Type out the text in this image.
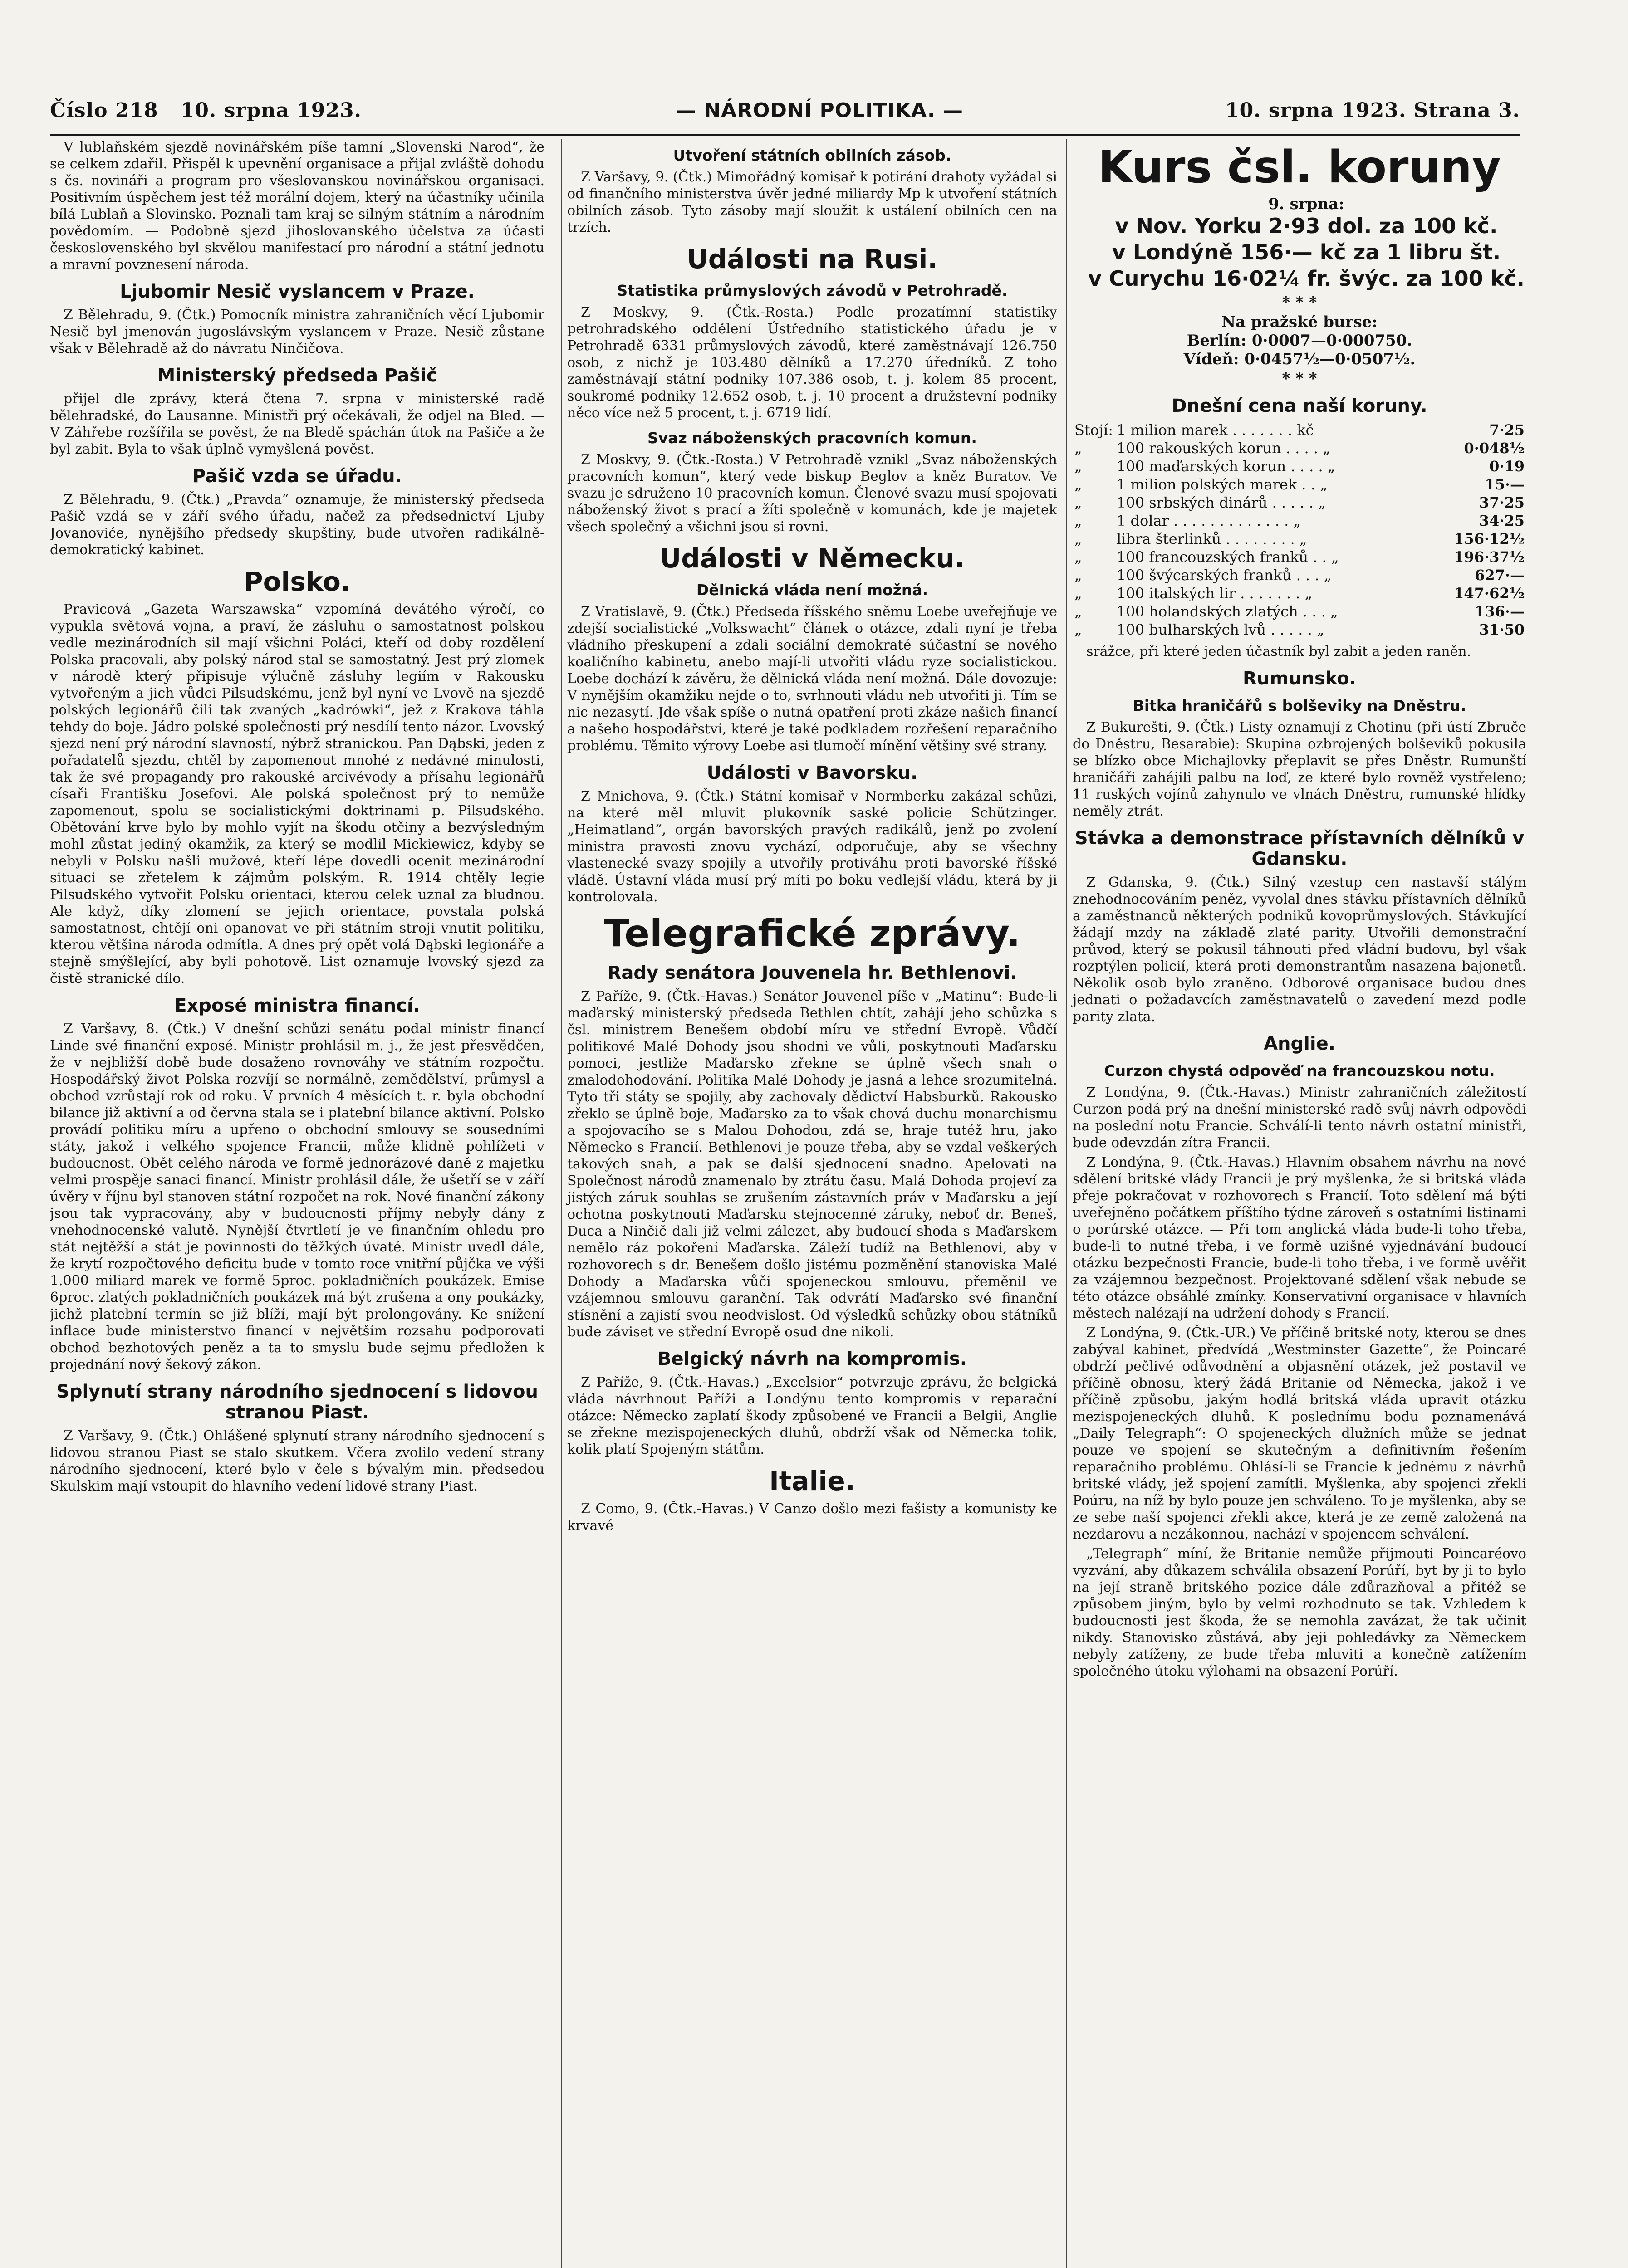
Číslo 218 10. srpna 1923.	— NÁRODNÍ POLITIKA. —	10. srpna 1923. Strana 3.

V lublaňském sjezdě novinářském píše tamní „Slovenski Narod“, že se celkem zdařil. Přispěl k upevnění organisace a přijal zvláště dohodu s čs. novináři a program pro všeslovanskou novinářskou organisaci. Positivním úspěchem jest též morální dojem, který na účastníky učinila bílá Lublaň a Slovinsko. Poznali tam kraj se silným státním a národním povědomím. — Podobně sjezd jihoslovanského účelstva za účasti československého byl skvělou manifestací pro národní a státní jednotu a mravní povznesení národa.

Ljubomir Nesič vyslancem v Praze.

Z Bělehradu, 9. (Čtk.) Pomocník ministra zahraničních věcí Ljubomir Nesič byl jmenován jugoslávským vyslancem v Praze. Nesič zůstane však v Bělehradě až do návratu Ninčičova.

Ministerský předseda Pašič

přijel dle zprávy, která čtena 7. srpna v ministerské radě bělehradské, do Lausanne. Ministři prý očekávali, že odjel na Bled. — V Záhřebe rozšířila se pověst, že na Bledě spáchán útok na Pašiče a že byl zabit. Byla to však úplně vymyšlená pověst.

Pašič vzda se úřadu.

Z Bělehradu, 9. (Čtk.) „Pravda“ oznamuje, že ministerský předseda Pašič vzdá se v září svého úřadu, načež za předsednictví Ljuby Jovanoviće, nynějšího předsedy skupštiny, bude utvořen radikálně-demokratický kabinet.

Polsko.

Pravicová „Gazeta Warszawska“ vzpomíná devátého výročí, co vypukla světová vojna, a praví, že zásluhu o samostatnost polskou vedle mezinárodních sil mají všichni Poláci, kteří od doby rozdělení Polska pracovali, aby polský národ stal se samostatný. Jest prý zlomek v národě který připisuje výlučně zásluhy legiím v Rakousku vytvořeným a jich vůdci Pilsudskému, jenž byl nyní ve Lvově na sjezdě polských legionářů čili tak zvaných „kadrówki“, jež z Krakova táhla tehdy do boje. Jádro polské společnosti prý nesdílí tento názor. Lvovský sjezd není prý národní slavností, nýbrž stranickou. Pan Dąbski, jeden z pořadatelů sjezdu, chtěl by zapomenout mnohé z nedávné minulosti, tak že své propagandy pro rakouské arcivévody a přísahu legionářů císaři Františku Josefovi. Ale polská společnost prý to nemůže zapomenout, spolu se socialistickými doktrinami p. Pilsudského. Obětování krve bylo by mohlo vyjít na škodu otčiny a bezvýsledným mohl zůstat jediný okamžik, za který se modlil Mickiewicz, kdyby se nebyli v Polsku našli mužové, kteří lépe dovedli ocenit mezinárodní situaci se zřetelem k zájmům polským. R. 1914 chtěly legie Pilsudského vytvořit Polsku orientaci, kterou celek uznal za bludnou. Ale když, díky zlomení se jejich orientace, povstala polská samostatnost, chtějí oni opanovat ve při státním stroji vnutit politiku, kterou většina národa odmítla. A dnes prý opět volá Dąbski legionáře a stejně smýšlející, aby byli pohotově. List oznamuje lvovský sjezd za čistě stranické dílo.

Exposé ministra financí.

Z Varšavy, 8. (Čtk.) V dnešní schůzi senátu podal ministr financí Linde své finanční exposé. Ministr prohlásil m. j., že jest přesvědčen, že v nejbližší době bude dosaženo rovnováhy ve státním rozpočtu. Hospodářský život Polska rozvíjí se normálně, zemědělství, průmysl a obchod vzrůstají rok od roku. V prvních 4 měsících t. r. byla obchodní bilance již aktivní a od června stala se i platební bilance aktivní. Polsko provádí politiku míru a upřeno o obchodní smlouvy se sousedními státy, jakož i velkého spojence Francii, může klidně pohlížeti v budoucnost. Obět celého národa ve formě jednorázové daně z majetku velmi prospěje sanaci financí. Ministr prohlásil dále, že ušetří se v září úvěry v říjnu byl stanoven státní rozpočet na rok. Nové finanční zákony jsou tak vypracovány, aby v budoucnosti příjmy nebyly dány z vnehodnocenské valutě. Nynější čtvrtletí je ve finančním ohledu pro stát nejtěžší a stát je povinnosti do těžkých úvaté. Ministr uvedl dále, že krytí rozpočtového deficitu bude v tomto roce vnitřní půjčka ve výši 1.000 miliard marek ve formě 5proc. pokladničních poukázek. Emise 6proc. zlatých pokladničních poukázek má být zrušena a ony poukázky, jichž platební termín se již blíží, mají být prolongovány. Ke snížení inflace bude ministerstvo financí v největším rozsahu podporovati obchod bezhotových peněz a ta to smyslu bude sejmu předložen k projednání nový šekový zákon.

Splynutí strany národního sjednocení s lidovou stranou Piast.

Z Varšavy, 9. (Čtk.) Ohlášené splynutí strany národního sjednocení s lidovou stranou Piast se stalo skutkem. Včera zvolilo vedení strany národního sjednocení, které bylo v čele s bývalým min. předsedou Skulskim mají vstoupit do hlavního vedení lidové strany Piast.

Utvoření státních obilních zásob.

Z Varšavy, 9. (Čtk.) Mimořádný komisař k potírání drahoty vyžádal si od finančního ministerstva úvěr jedné miliardy Mp k utvoření státních obilních zásob. Tyto zásoby mají sloužit k ustálení obilních cen na trzích.

Události na Rusi.
Statistika průmyslových závodů v Petrohradě.

Z Moskvy, 9. (Čtk.-Rosta.) Podle prozatímní statistiky petrohradského oddělení Ústředního statistického úřadu je v Petrohradě 6331 průmyslových závodů, které zaměstnávají 126.750 osob, z nichž je 103.480 dělníků a 17.270 úředníků. Z toho zaměstnávají státní podniky 107.386 osob, t. j. kolem 85 procent, soukromé podniky 12.652 osob, t. j. 10 procent a družstevní podniky něco více než 5 procent, t. j. 6719 lidí.

Svaz náboženských pracovních komun.

Z Moskvy, 9. (Čtk.-Rosta.) V Petrohradě vznikl „Svaz náboženských pracovních komun“, který vede biskup Beglov a kněz Buratov. Ve svazu je sdruženo 10 pracovních komun. Členové svazu musí spojovati náboženský život s prací a žíti společně v komunách, kde je majetek všech společný a všichni jsou si rovni.

Události v Německu.
Dělnická vláda není možná.

Z Vratislavě, 9. (Čtk.) Předseda říšského sněmu Loebe uveřejňuje ve zdejší socialistické „Volkswacht“ článek o otázce, zdali nyní je třeba vládního přeskupení a zdali sociální demokraté súčastní se nového koaličního kabinetu, anebo mají-li utvořiti vládu ryze socialistickou. Loebe dochází k závěru, že dělnická vláda není možná. Dále dovozuje: V nynějším okamžiku nejde o to, svrhnouti vládu neb utvořiti ji. Tím se nic nezasytí. Jde však spíše o nutná opatření proti zkáze našich financí a našeho hospodářství, které je také podkladem rozřešení reparačního problému. Těmito výrovy Loebe asi tlumočí mínění většiny své strany.

Události v Bavorsku.

Z Mnichova, 9. (Čtk.) Státní komisař v Normberku zakázal schůzi, na které měl mluvit plukovník saské policie Schützinger. „Heimatland“, orgán bavorských pravých radikálů, jenž po zvolení ministra pravosti znovu vychází, odporučuje, aby se všechny vlastenecké svazy spojily a utvořily protiváhu proti bavorské říšské vládě. Ústavní vláda musí prý míti po boku vedlejší vládu, která by ji kontrolovala.

Telegrafické zprávy.
Rady senátora Jouvenela hr. Bethlenovi.

Z Paříže, 9. (Čtk.-Havas.) Senátor Jouvenel píše v „Matinu“: Bude-li maďarský ministerský předseda Bethlen chtít, zahájí jeho schůzka s čsl. ministrem Benešem období míru ve střední Evropě. Vůdčí politikové Malé Dohody jsou shodni ve vůli, poskytnouti Maďarsku pomoci, jestliže Maďarsko zřekne se úplně všech snah o zmalodohodování. Politika Malé Dohody je jasná a lehce srozumitelná. Tyto tři státy se spojily, aby zachovaly dědictví Habsburků. Rakousko zřeklo se úplně boje, Maďarsko za to však chová duchu monarchismu a spojovacího se s Malou Dohodou, zdá se, hraje tutéž hru, jako Německo s Francií. Bethlenovi je pouze třeba, aby se vzdal veškerých takových snah, a pak se další sjednocení snadno. Apelovati na Společnost národů znamenalo by ztrátu času. Malá Dohoda projeví za jistých záruk souhlas se zrušením zástavních práv v Maďarsku a její ochotna poskytnouti Maďarsku stejnocenné záruky, neboť dr. Beneš, Duca a Ninčič dali již velmi zálezet, aby budoucí shoda s Maďarskem nemělo ráz pokoření Maďarska. Záleží tudíž na Bethlenovi, aby v rozhovorech s dr. Benešem došlo jistému pozměnění stanoviska Malé Dohody a Maďarska vůči spojeneckou smlouvu, přeměnil ve vzájemnou smlouvu garanční. Tak odvrátí Maďarsko své finanční stísnění a zajistí svou neodvislost. Od výsledků schůzky obou státníků bude záviset ve střední Evropě osud dne nikoli.

Belgický návrh na kompromis.

Z Paříže, 9. (Čtk.-Havas.) „Excelsior“ potvrzuje zprávu, že belgická vláda návrhnout Paříži a Londýnu tento kompromis v reparační otázce: Německo zaplatí škody způsobené ve Francii a Belgii, Anglie se zřekne mezispojeneckých dluhů, obdrží však od Německa tolik, kolik platí Spojeným státům.

Italie.

Z Como, 9. (Čtk.-Havas.) V Canzo došlo mezi fašisty a komunisty ke krvavé

Kurs čsl. koruny

9. srpna:

v Nov. Yorku 2·93 dol. za 100 kč.

v Londýně 156·— kč za 1 libru št.

v Curychu 16·02¼ fr. švýc. za 100 kč.

* * *
Na pražské burse:
Berlín: 0·0007—0·000750.
Vídeň: 0·0457½—0·0507½.
* * *
Dnešní cena naší koruny.
Stojí:	1 milion marek . . . . . . . kč	7·25
„	100 rakouských korun . . . . „	0·048½
„	100 maďarských korun . . . . „	0·19
„	1 milion polských marek . . „	15·—
„	100 srbských dinárů . . . . . „	37·25
„	1 dolar . . . . . . . . . . . . . „	34·25
„	libra šterlinků . . . . . . . . „	156·12½
„	100 francouzských franků . . „	196·37½
„	100 švýcarských franků . . . „	627·—
„	100 italských lir . . . . . . . „	147·62½
„	100 holandských zlatých . . . „	136·—
„	100 bulharských lvů . . . . . „	31·50

srážce, při které jeden účastník byl zabit a jeden raněn.

Rumunsko.
Bitka hraničářů s bolševiky na Dněstru.

Z Bukurešti, 9. (Čtk.) Listy oznamují z Chotinu (při ústí Zbruče do Dněstru, Besarabie): Skupina ozbrojených bolševiků pokusila se blízko obce Michajlovky přeplavit se přes Dněstr. Rumunští hraničáři zahájili palbu na loď, ze které bylo rovněž vystřeleno; 11 ruských vojínů zahynulo ve vlnách Dněstru, rumunské hlídky neměly ztrát.

Stávka a demonstrace přístavních dělníků v Gdansku.

Z Gdanska, 9. (Čtk.) Silný vzestup cen nastavší stálým znehodnocováním peněz, vyvolal dnes stávku přístavních dělníků a zaměstnanců některých podniků kovoprůmyslových. Stávkující žádají mzdy na základě zlaté parity. Utvořili demonstrační průvod, který se pokusil táhnouti před vládní budovu, byl však rozptýlen policií, která proti demonstrantům nasazena bajonetů. Několik osob bylo zraněno. Odborové organisace budou dnes jednati o požadavcích zaměstnavatelů o zavedení mezd podle parity zlata.

Anglie.
Curzon chystá odpověď na francouzskou notu.

Z Londýna, 9. (Čtk.-Havas.) Ministr zahraničních záležitostí Curzon podá prý na dnešní ministerské radě svůj návrh odpovědi na poslední notu Francie. Schválí-li tento návrh ostatní ministři, bude odevzdán zítra Francii.

Z Londýna, 9. (Čtk.-Havas.) Hlavním obsahem návrhu na nové sdělení britské vlády Francii je prý myšlenka, že si britská vláda přeje pokračovat v rozhovorech s Francií. Toto sdělení má býti uveřejněno počátkem příštího týdne zároveň s ostatními listinami o porúrské otázce. — Při tom anglická vláda bude-li toho třeba, bude-li to nutné třeba, i ve formě uzišné vyjednávání budoucí otázku bezpečnosti Francie, bude-li toho třeba, i ve formě uvěřit za vzájemnou bezpečnost. Projektované sdělení však nebude se této otázce obsáhlé zmínky. Konservativní organisace v hlavních městech nalézají na udržení dohody s Francií.

Z Londýna, 9. (Čtk.-UR.) Ve příčině britské noty, kterou se dnes zabýval kabinet, předvídá „Westminster Gazette“, že Poincaré obdrží pečlivé odůvodnění a objasnění otázek, jež postavil ve příčině obnosu, který žádá Britanie od Německa, jakož i ve příčině způsobu, jakým hodlá britská vláda upravit otázku mezispojeneckých dluhů. K poslednímu bodu poznamenává „Daily Telegraph“: O spojeneckých dlužních může se jednat pouze ve spojení se skutečným a definitivním řešením reparačního problému. Ohlásí-li se Francie k jednému z návrhů britské vlády, jež spojení zamítli. Myšlenka, aby spojenci zřekli Poúru, na níž by bylo pouze jen schváleno. To je myšlenka, aby se ze sebe naší spojenci zřekli akce, která je ze země založená na nezdarovu a nezákonnou, nachází v spojencem schválení.

„Telegraph“ míní, že Britanie nemůže přijmouti Poincaréovo vyzvání, aby důkazem schválila obsazení Porúří, byt by ji to bylo na její straně britského pozice dále zdůrazňoval a přitéž se způsobem jiným, bylo by velmi rozhodnuto se tak. Vzhledem k budoucnosti jest škoda, že se nemohla zavázat, že tak učinit nikdy. Stanovisko zůstává, aby jeji pohledávky za Německem nebyly zatíženy, ze bude třeba mluviti a konečně zatížením společného útoku výlohami na obsazení Porúří.
